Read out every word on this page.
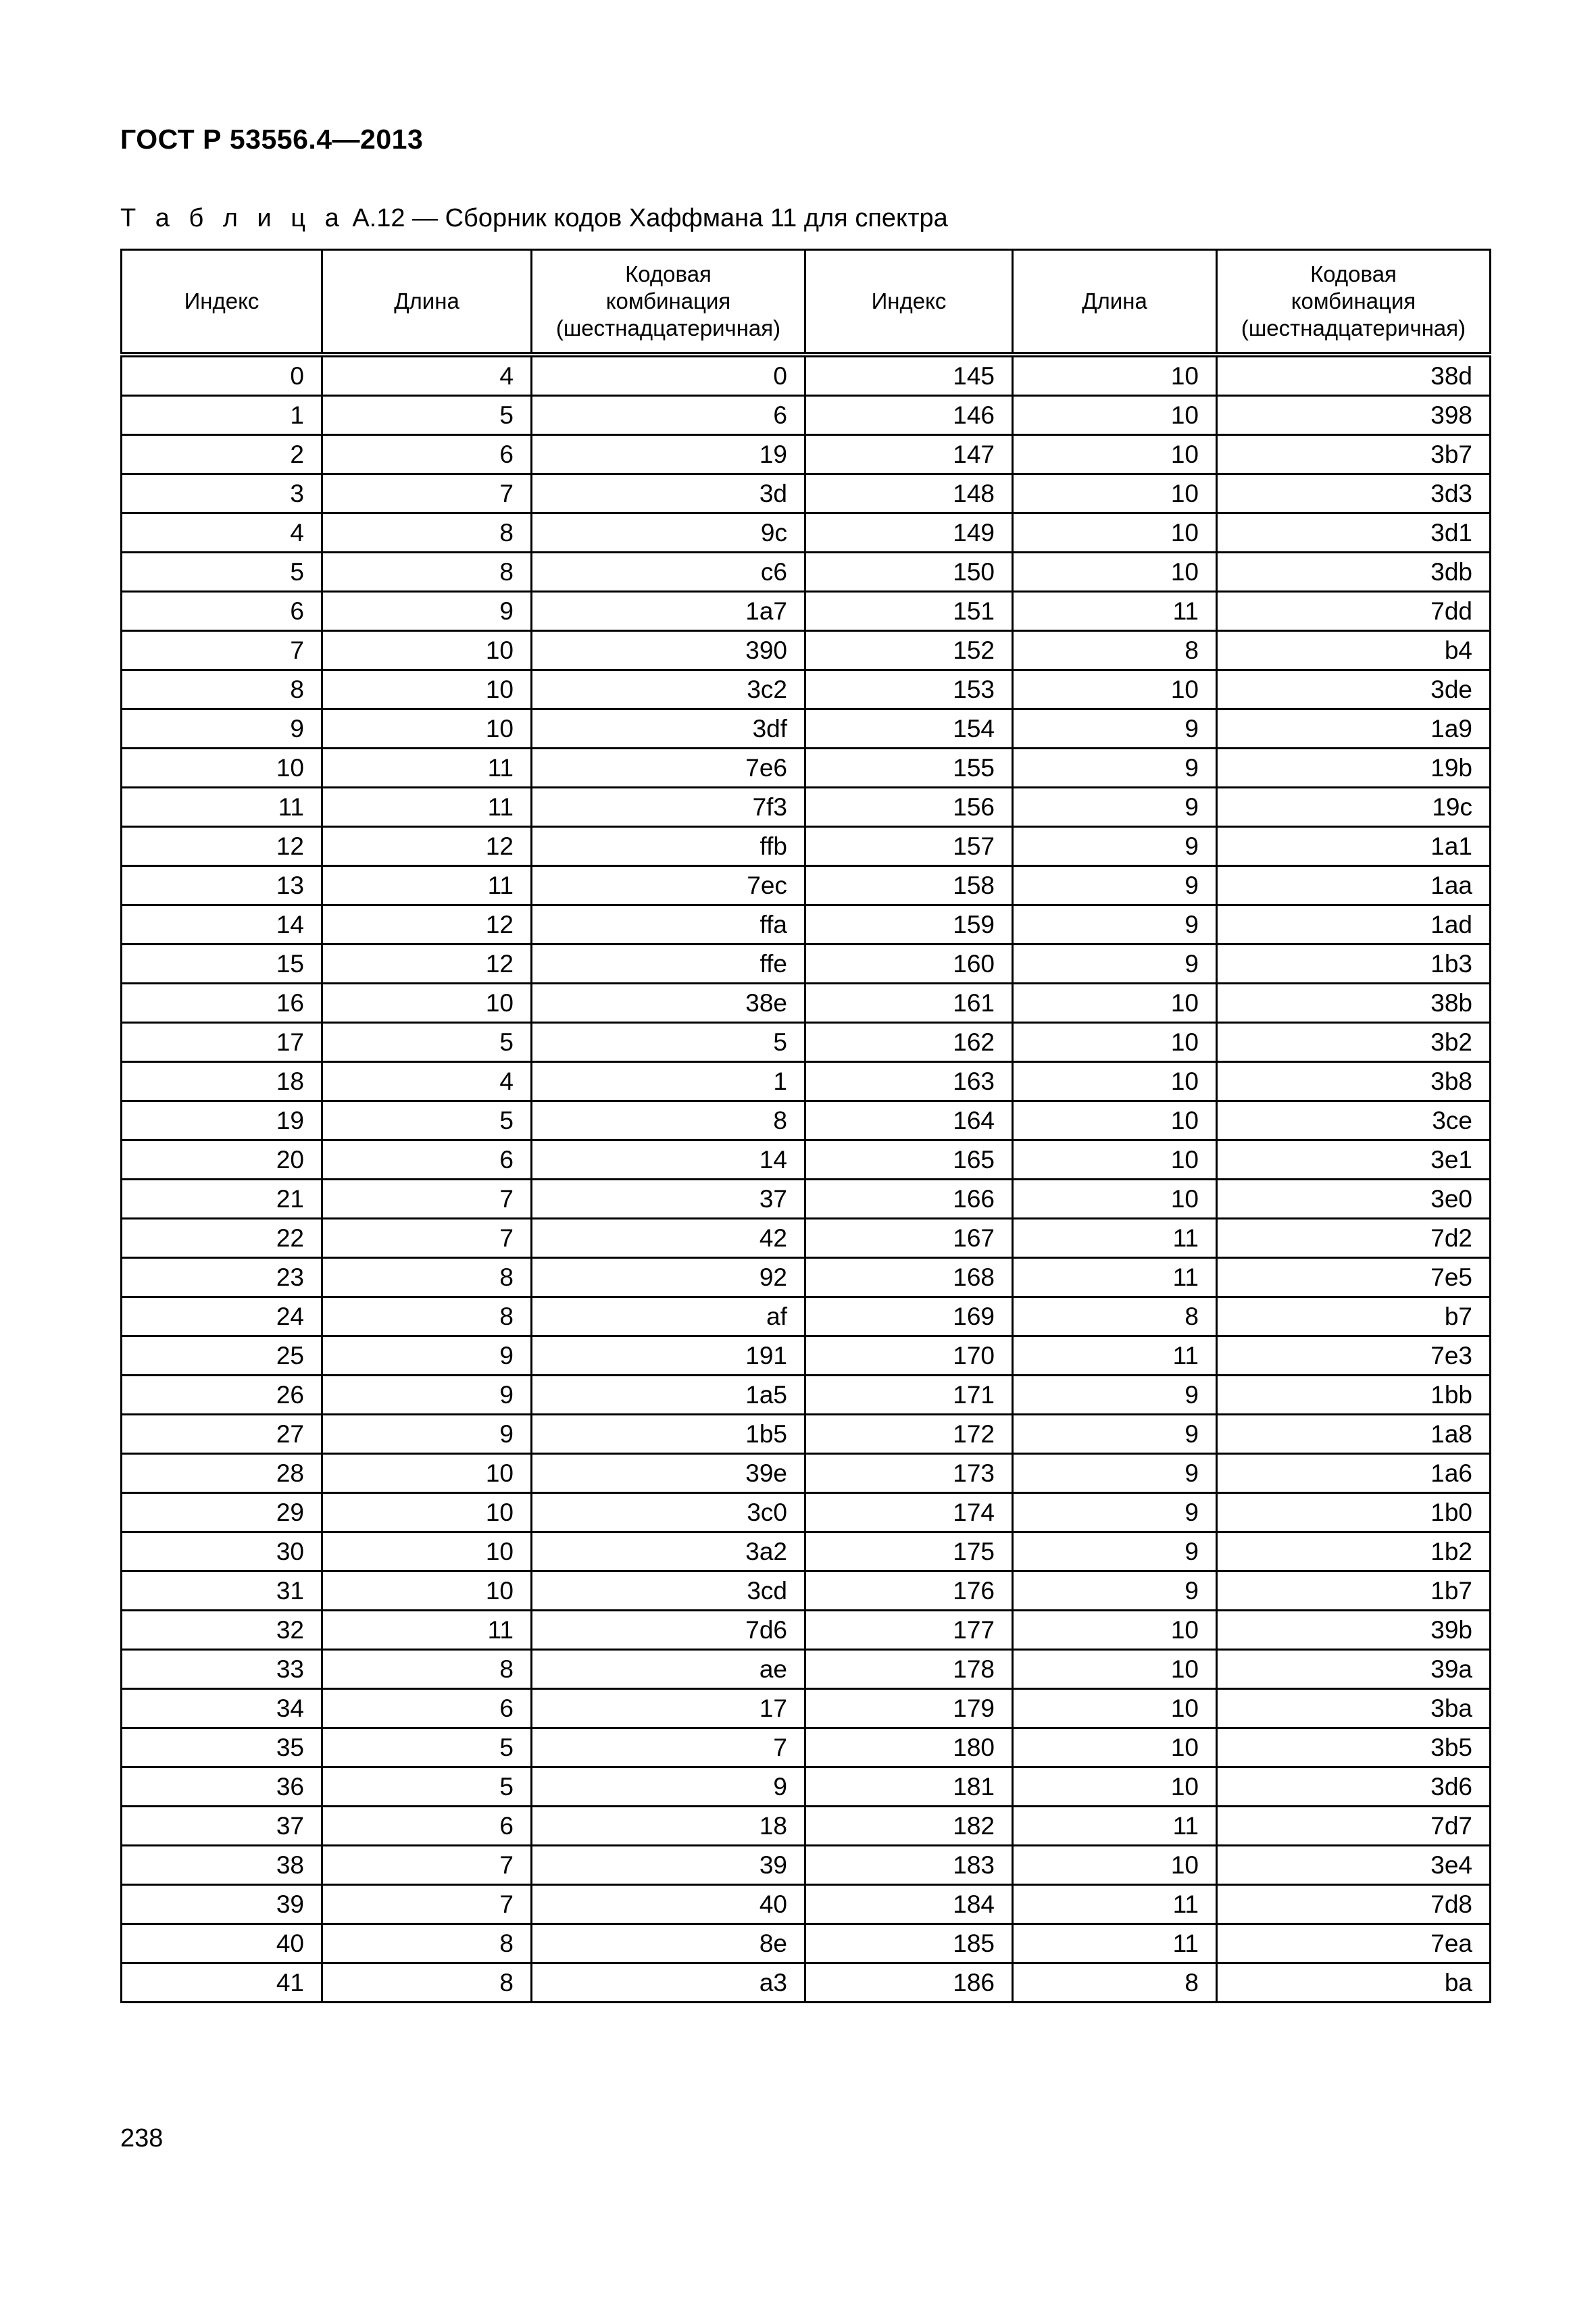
ГОСТ Р 53556.4—2013
Т а б л и ц а А.12 — Сборник кодов Хаффмана 11 для спектра
Индекс	Длина	Кодовая
комбинация
(шестнадцатеричная)	Индекс	Длина	Кодовая
комбинация
(шестнадцатеричная)
0	4	0	145	10	38d
1	5	6	146	10	398
2	6	19	147	10	3b7
3	7	3d	148	10	3d3
4	8	9c	149	10	3d1
5	8	c6	150	10	3db
6	9	1a7	151	11	7dd
7	10	390	152	8	b4
8	10	3c2	153	10	3de
9	10	3df	154	9	1a9
10	11	7e6	155	9	19b
11	11	7f3	156	9	19c
12	12	ffb	157	9	1a1
13	11	7ec	158	9	1aa
14	12	ffa	159	9	1ad
15	12	ffe	160	9	1b3
16	10	38e	161	10	38b
17	5	5	162	10	3b2
18	4	1	163	10	3b8
19	5	8	164	10	3ce
20	6	14	165	10	3e1
21	7	37	166	10	3e0
22	7	42	167	11	7d2
23	8	92	168	11	7e5
24	8	af	169	8	b7
25	9	191	170	11	7e3
26	9	1a5	171	9	1bb
27	9	1b5	172	9	1a8
28	10	39e	173	9	1a6
29	10	3c0	174	9	1b0
30	10	3a2	175	9	1b2
31	10	3cd	176	9	1b7
32	11	7d6	177	10	39b
33	8	ae	178	10	39a
34	6	17	179	10	3ba
35	5	7	180	10	3b5
36	5	9	181	10	3d6
37	6	18	182	11	7d7
38	7	39	183	10	3e4
39	7	40	184	11	7d8
40	8	8e	185	11	7ea
41	8	a3	186	8	ba
238
